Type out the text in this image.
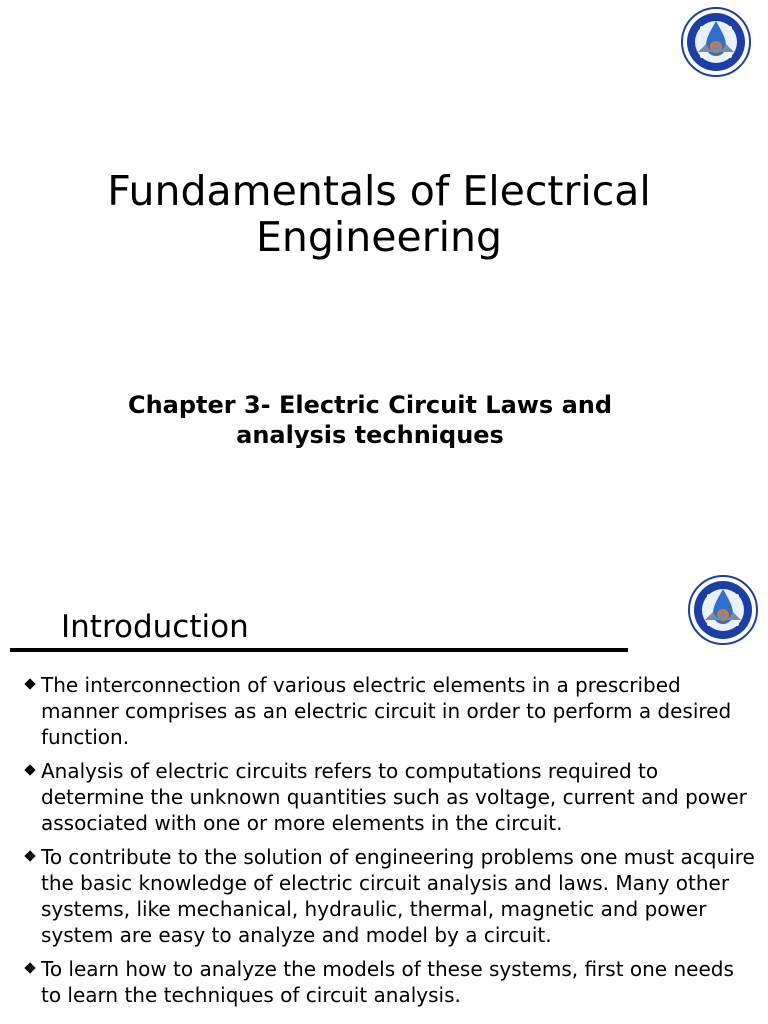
Fundamentals of Electrical
Engineering
Chapter 3- Electric Circuit Laws and
analysis techniques
Introduction
The interconnection of various electric elements in a prescribed manner comprises as an electric circuit in order to perform a desired function.
Analysis of electric circuits refers to computations required to determine the unknown quantities such as voltage, current and power associated with one or more elements in the circuit.
To contribute to the solution of engineering problems one must acquire the basic knowledge of electric circuit analysis and laws. Many other systems, like mechanical, hydraulic, thermal, magnetic and power system are easy to analyze and model by a circuit.
To learn how to analyze the models of these systems, first one needs to learn the techniques of circuit analysis.
